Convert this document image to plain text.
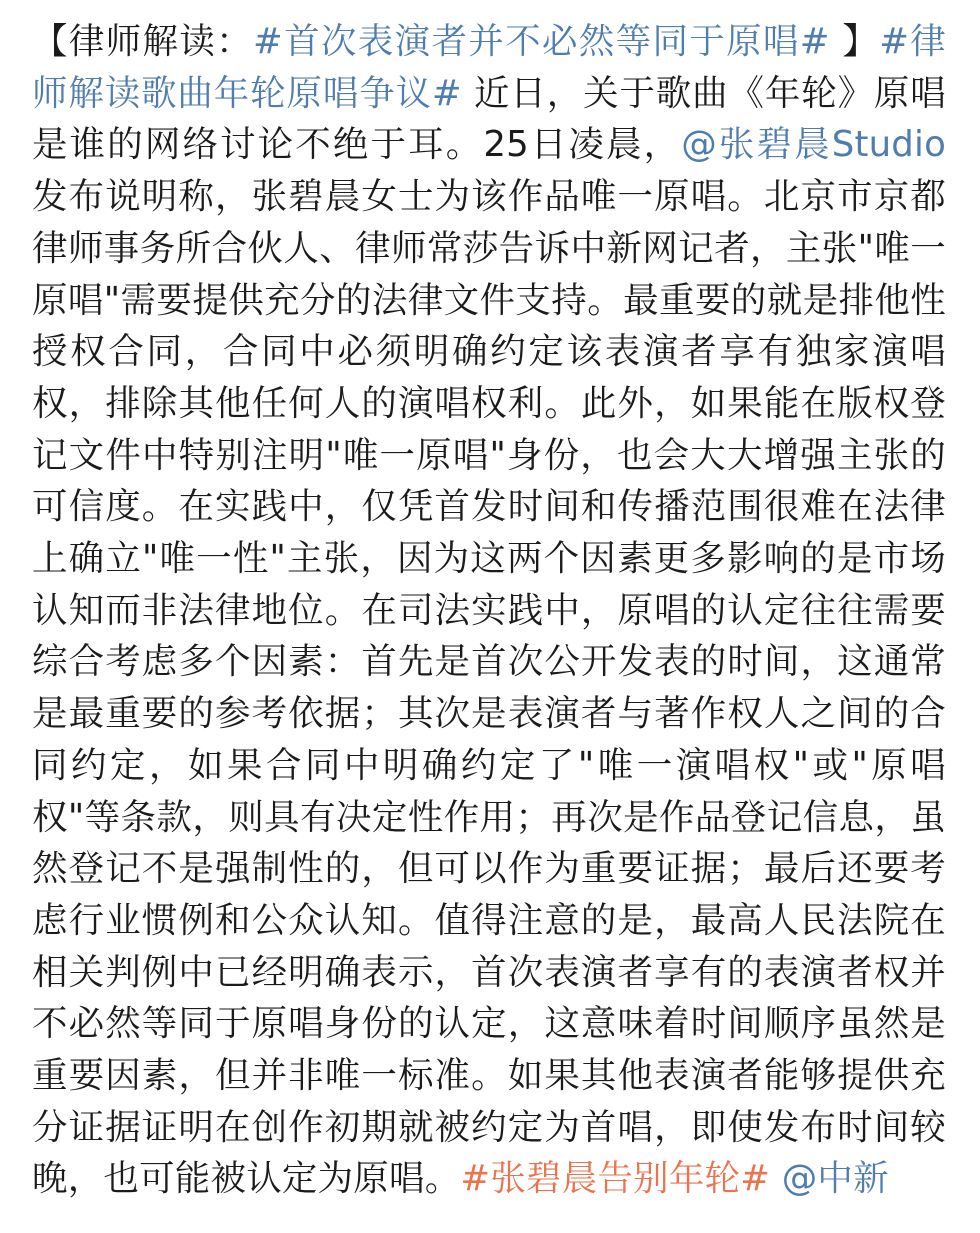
【律师解读：#首次表演者并不必然等同于原唱# 】#律师解读歌曲年轮原唱争议# 近日，关于歌曲《年轮》原唱是谁的网络讨论不绝于耳。25日凌晨，@张碧晨Studio 发布说明称，张碧晨女士为该作品唯一原唱。北京市京都律师事务所合伙人、律师常莎告诉中新网记者，主张"唯一原唱"需要提供充分的法律文件支持。最重要的就是排他性授权合同，合同中必须明确约定该表演者享有独家演唱权，排除其他任何人的演唱权利。此外，如果能在版权登记文件中特别注明"唯一原唱"身份，也会大大增强主张的可信度。在实践中，仅凭首发时间和传播范围很难在法律上确立"唯一性"主张，因为这两个因素更多影响的是市场认知而非法律地位。在司法实践中，原唱的认定往往需要综合考虑多个因素：首先是首次公开发表的时间，这通常是最重要的参考依据；其次是表演者与著作权人之间的合同约定，如果合同中明确约定了"唯一演唱权"或"原唱权"等条款，则具有决定性作用；再次是作品登记信息，虽然登记不是强制性的，但可以作为重要证据；最后还要考虑行业惯例和公众认知。值得注意的是，最高人民法院在相关判例中已经明确表示，首次表演者享有的表演者权并不必然等同于原唱身份的认定，这意味着时间顺序虽然是重要因素，但并非唯一标准。如果其他表演者能够提供充分证据证明在创作初期就被约定为首唱，即使发布时间较晚，也可能被认定为原唱。#张碧晨告别年轮# @中新
